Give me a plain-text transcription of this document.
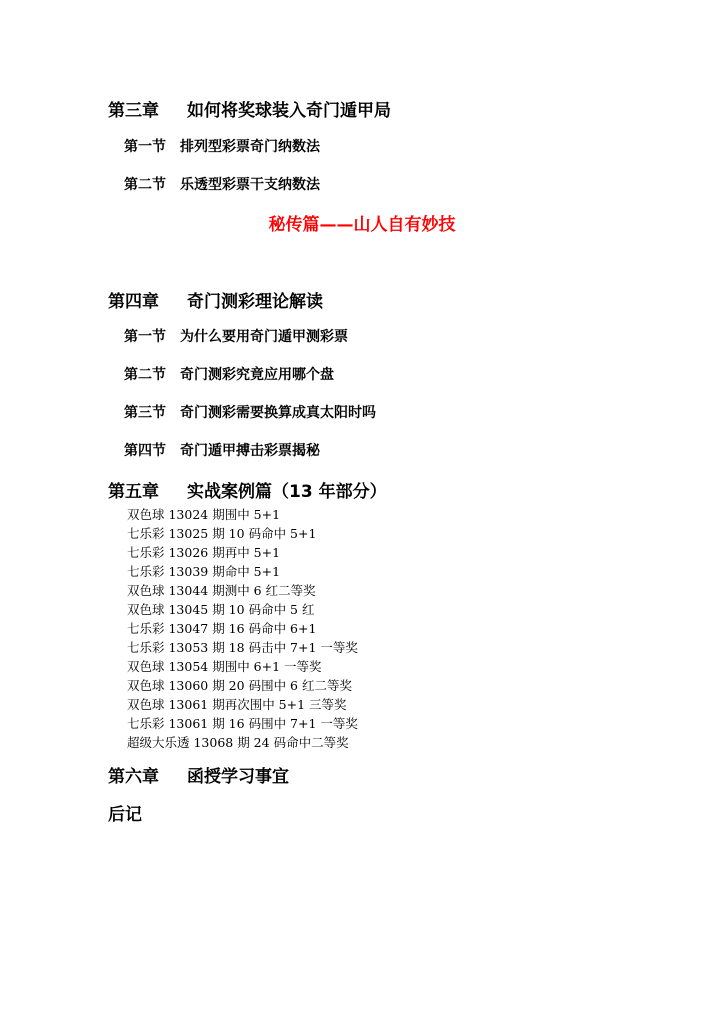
第三章 如何将奖球装入奇门遁甲局
第一节 排列型彩票奇门纳数法
第二节 乐透型彩票干支纳数法
秘传篇——山人自有妙技
第四章 奇门测彩理论解读
第一节 为什么要用奇门遁甲测彩票
第二节 奇门测彩究竟应用哪个盘
第三节 奇门测彩需要换算成真太阳时吗
第四节 奇门遁甲搏击彩票揭秘
第五章 实战案例篇（13 年部分）
双色球 13024 期围中 5+1
七乐彩 13025 期 10 码命中 5+1
七乐彩 13026 期再中 5+1
七乐彩 13039 期命中 5+1
双色球 13044 期测中 6 红二等奖
双色球 13045 期 10 码命中 5 红
七乐彩 13047 期 16 码命中 6+1
七乐彩 13053 期 18 码击中 7+1 一等奖
双色球 13054 期围中 6+1 一等奖
双色球 13060 期 20 码围中 6 红二等奖
双色球 13061 期再次围中 5+1 三等奖
七乐彩 13061 期 16 码围中 7+1 一等奖
超级大乐透 13068 期 24 码命中二等奖
第六章 函授学习事宜
后记
